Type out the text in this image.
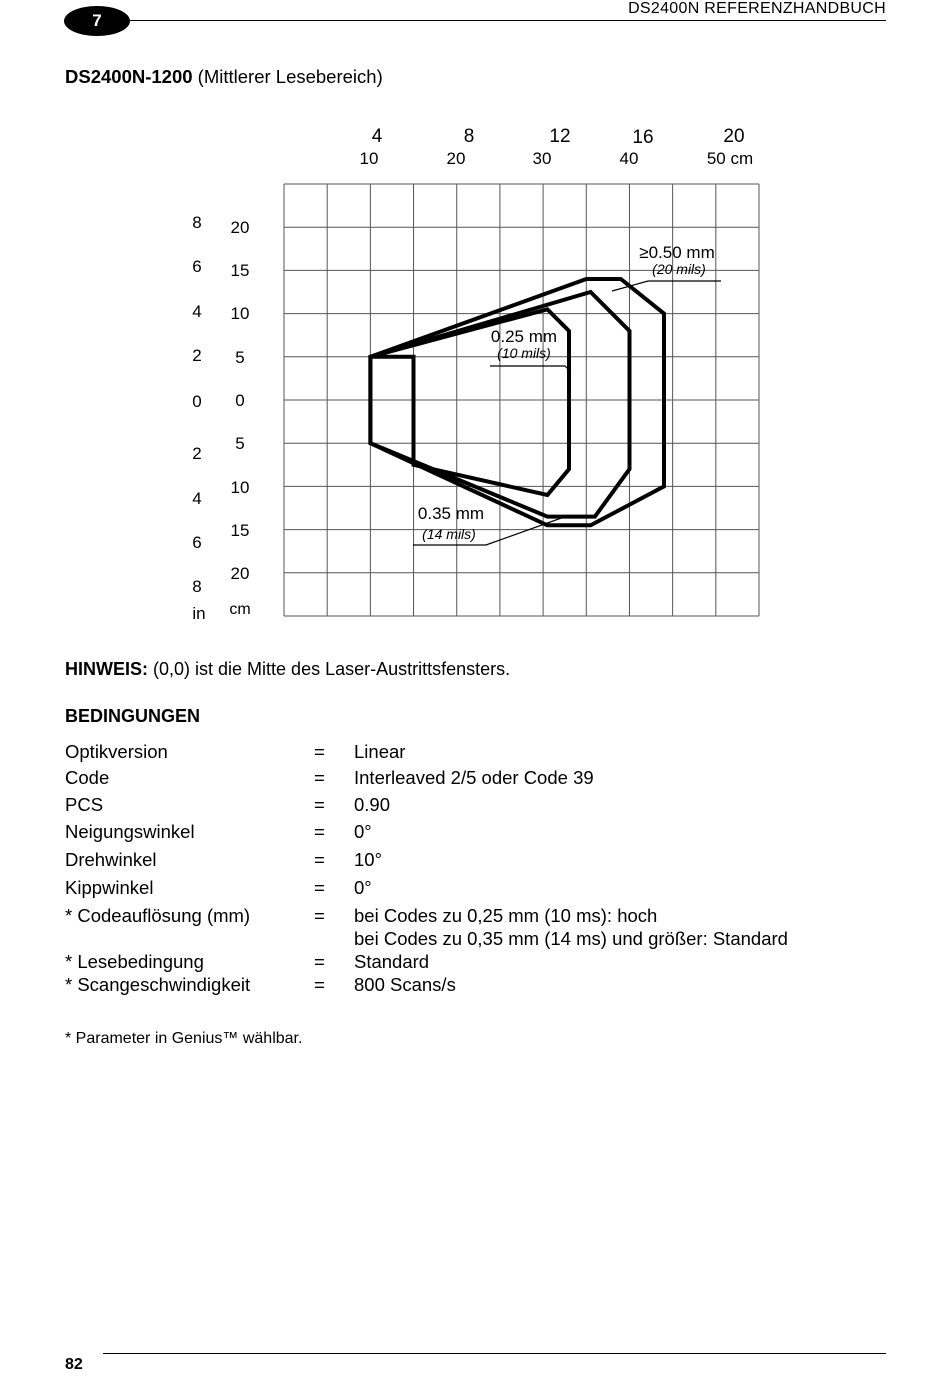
7
DS2400N REFERENZHANDBUCH
DS2400N-1200 (Mittlerer Lesebereich)
4	8	12	16	20
10	20	30	40	50 cm
8
6
4
2
0
2
4
6
8
20
15
10
5
0
5
10
15
20
in cm
0.25 mm
(10 mils)
0.35 mm
(14 mils)
≥0.50 mm
(20 mils)
HINWEIS: (0,0) ist die Mitte des Laser-Austrittsfensters.
BEDINGUNGEN
Optikversion	= Linear
Code	= Interleaved 2/5 oder Code 39
PCS	= 0.90
Neigungswinkel	= 0°
Drehwinkel	= 10°
Kippwinkel	= 0°
* Codeauflösung (mm)	= bei Codes zu 0,25 mm (10 ms): hoch
bei Codes zu 0,35 mm (14 ms) und größer: Standard
* Lesebedingung	= Standard
* Scangeschwindigkeit	= 800 Scans/s
* Parameter in Genius™ wählbar.
82
